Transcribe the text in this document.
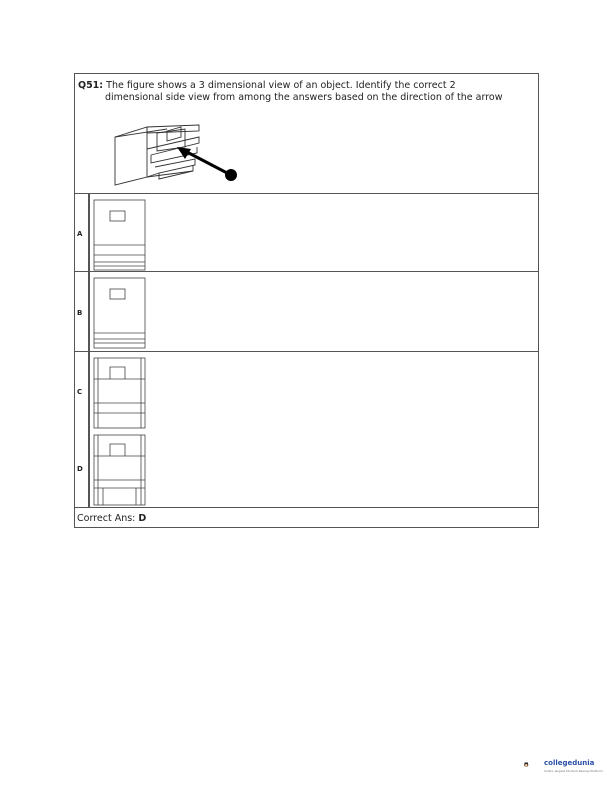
Q51: The figure shows a 3 dimensional view of an object. Identify the correct 2
dimensional side view from among the answers based on the direction of the arrow
A
B
C
D
Correct Ans: D
collegedunia
India's largest Student Review Platform
